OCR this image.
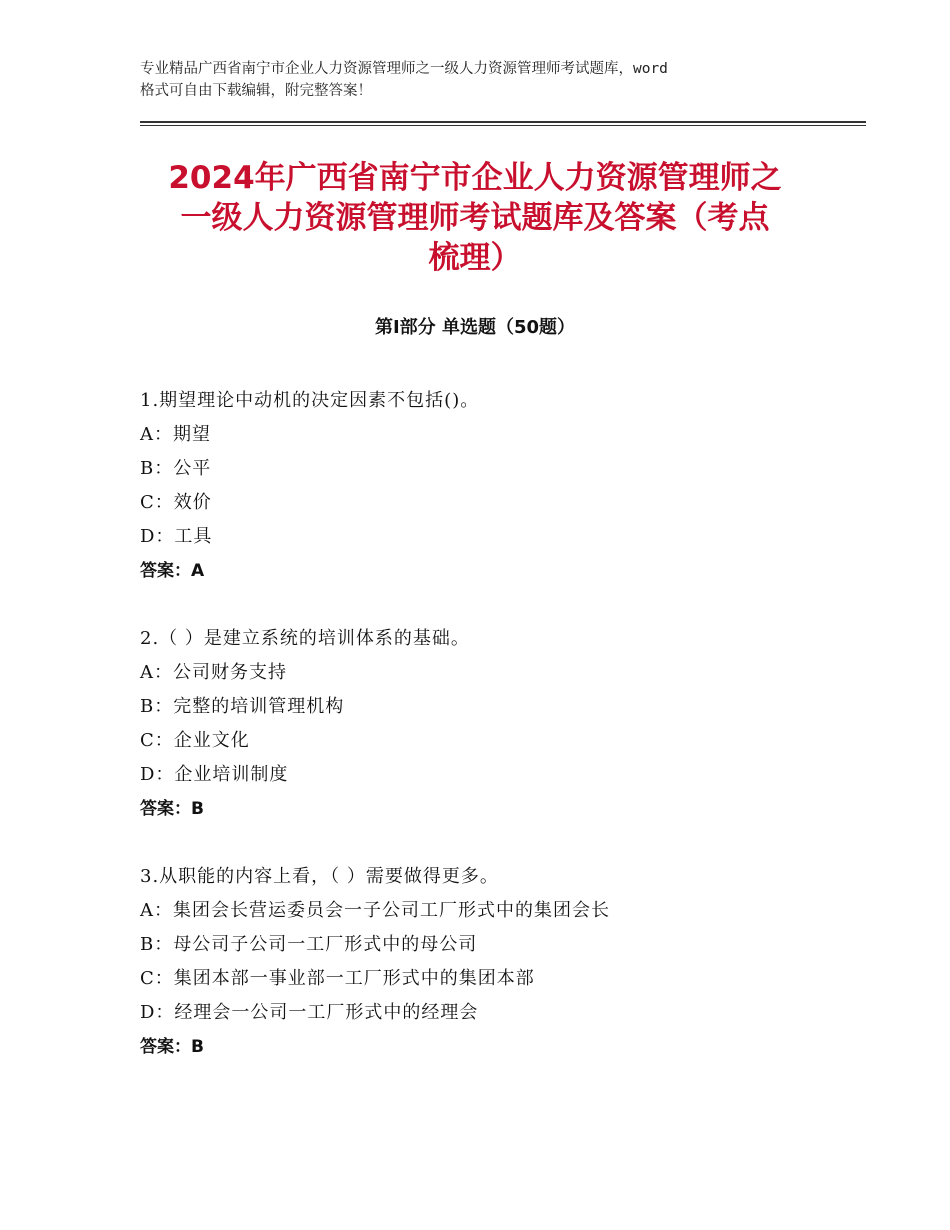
专业精品广西省南宁市企业人力资源管理师之一级人力资源管理师考试题库，word
格式可自由下载编辑，附完整答案！
2024年广西省南宁市企业人力资源管理师之
一级人力资源管理师考试题库及答案（考点
梳理）
第Ⅰ部分 单选题（50题）
1.期望理论中动机的决定因素不包括()。
A：期望
B：公平
C：效价
D：工具
答案：A
2.（ ）是建立系统的培训体系的基础。
A：公司财务支持
B：完整的培训管理机构
C：企业文化
D：企业培训制度
答案：B
3.从职能的内容上看，（ ）需要做得更多。
A：集团会长营运委员会一子公司工厂形式中的集团会长
B：母公司子公司一工厂形式中的母公司
C：集团本部一事业部一工厂形式中的集团本部
D：经理会一公司一工厂形式中的经理会
答案：B
